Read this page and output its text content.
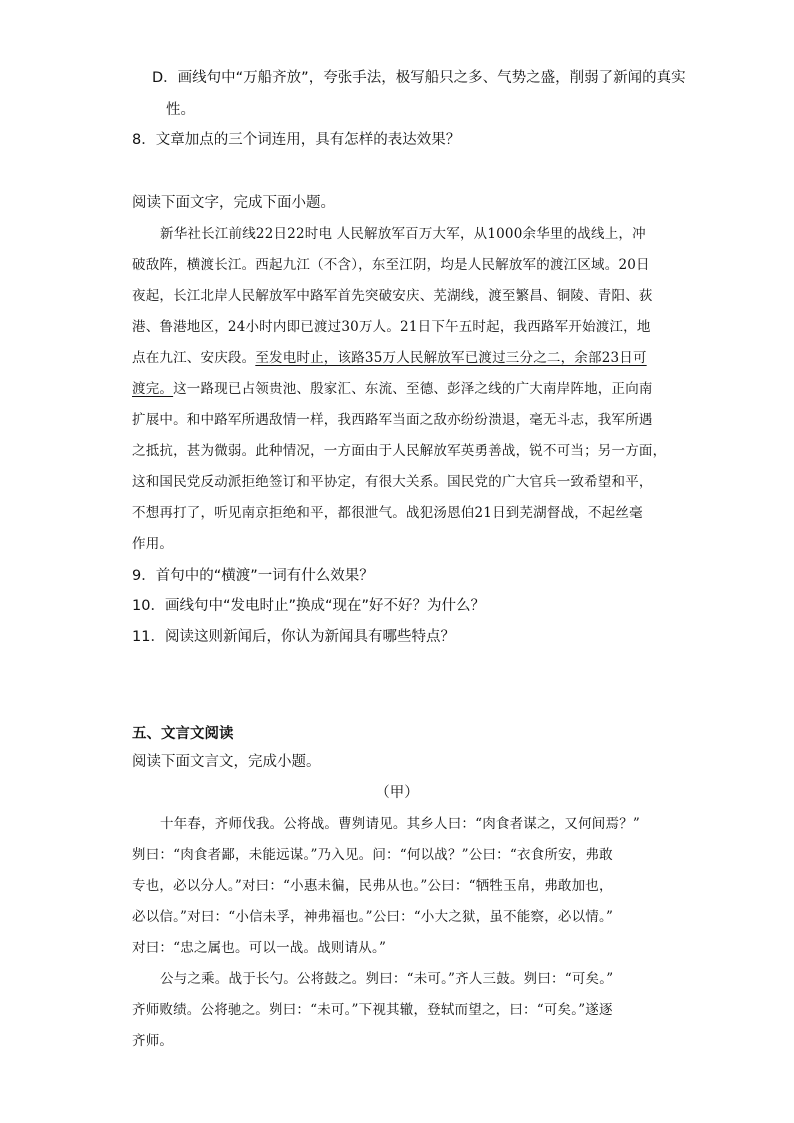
D．画线句中“万船齐放”，夸张手法，极写船只之多、气势之盛，削弱了新闻的真实
性。
8．文章加点的三个词连用，具有怎样的表达效果？
阅读下面文字，完成下面小题。
新华社长江前线22日22时电 人民解放军百万大军，从1000余华里的战线上，冲
破敌阵，横渡长江。西起九江（不含），东至江阴，均是人民解放军的渡江区域。20日
夜起，长江北岸人民解放军中路军首先突破安庆、芜湖线，渡至繁昌、铜陵、青阳、荻
港、鲁港地区，24小时内即已渡过30万人。21日下午五时起，我西路军开始渡江，地
点在九江、安庆段。至发电时止，该路35万人民解放军已渡过三分之二，余部23日可
渡完。这一路现已占领贵池、殷家汇、东流、至德、彭泽之线的广大南岸阵地，正向南
扩展中。和中路军所遇敌情一样，我西路军当面之敌亦纷纷溃退，毫无斗志，我军所遇
之抵抗，甚为微弱。此种情况，一方面由于人民解放军英勇善战，锐不可当；另一方面，
这和国民党反动派拒绝签订和平协定，有很大关系。国民党的广大官兵一致希望和平，
不想再打了，听见南京拒绝和平，都很泄气。战犯汤恩伯21日到芜湖督战，不起丝毫
作用。
9．首句中的“横渡”一词有什么效果？
10．画线句中“发电时止”换成“现在”好不好？为什么？
11．阅读这则新闻后，你认为新闻具有哪些特点？
五、文言文阅读
阅读下面文言文，完成小题。
（甲）
十年春，齐师伐我。公将战。曹刿请见。其乡人曰：“肉食者谋之，又何间焉？”
刿曰：“肉食者鄙，未能远谋。”乃入见。问：“何以战？”公曰：“衣食所安，弗敢
专也，必以分人。”对曰：“小惠未徧，民弗从也。”公曰：“牺牲玉帛，弗敢加也，
必以信。”对曰：“小信未孚，神弗福也。”公曰：“小大之狱，虽不能察，必以情。”
对曰：“忠之属也。可以一战。战则请从。”
公与之乘。战于长勺。公将鼓之。刿曰：“未可。”齐人三鼓。刿曰：“可矣。”
齐师败绩。公将驰之。刿曰：“未可。”下视其辙，登轼而望之，曰：“可矣。”遂逐
齐师。
